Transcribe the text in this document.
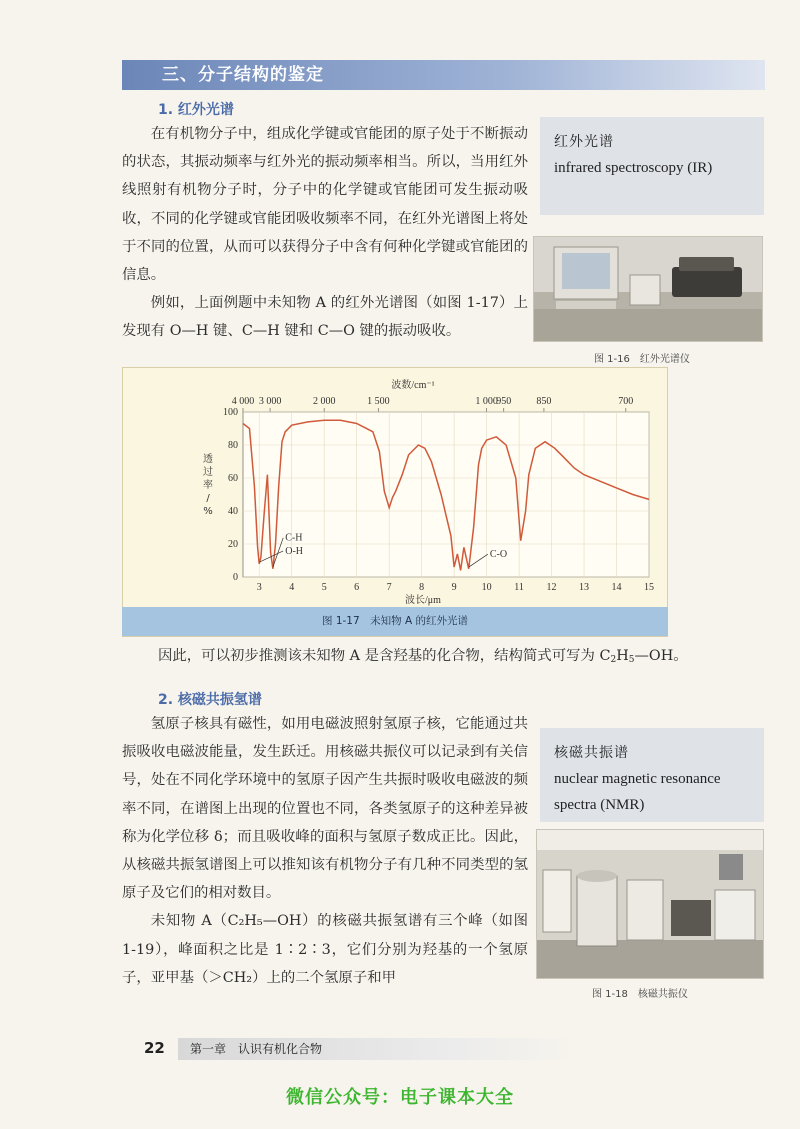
三、分子结构的鉴定
1. 红外光谱

在有机物分子中，组成化学键或官能团的原子处于不断振动的状态，其振动频率与红外光的振动频率相当。所以，当用红外线照射有机物分子时，分子中的化学键或官能团可发生振动吸收，不同的化学键或官能团吸收频率不同，在红外光谱图上将处于不同的位置，从而可以获得分子中含有何种化学键或官能团的信息。

例如，上面例题中未知物 A 的红外光谱图（如图 1-17）上发现有 O—H 键、C—H 键和 C—O 键的振动吸收。

红外光谱
infrared spectroscopy (IR)
图 1-16　红外光谱仪
4 000 3 000	2 000	1 500	1 000
950	850	700
波数/cm⁻¹
3	4	5	6	7	8	9 10 11 12 13 14 15
0
20
40
60
80
100
C-H
O-H	C-O
波长/μm
透过率/ %
图 1-17　未知物 A 的红外光谱
因此，可以初步推测该未知物 A 是含羟基的化合物，结构简式可写为 C2H5—OH。
2. 核磁共振氢谱

氢原子核具有磁性，如用电磁波照射氢原子核，它能通过共振吸收电磁波能量，发生跃迁。用核磁共振仪可以记录到有关信号，处在不同化学环境中的氢原子因产生共振时吸收电磁波的频率不同，在谱图上出现的位置也不同，各类氢原子的这种差异被称为化学位移 δ；而且吸收峰的面积与氢原子数成正比。因此，从核磁共振氢谱图上可以推知该有机物分子有几种不同类型的氢原子及它们的相对数目。

未知物 A（C₂H₅—OH）的核磁共振氢谱有三个峰（如图 1-19），峰面积之比是 1∶2∶3，它们分别为羟基的一个氢原子，亚甲基（＞CH₂）上的二个氢原子和甲

核磁共振谱
nuclear magnetic resonance spectra (NMR)
图 1-18　核磁共振仪
22	第一章　认识有机化合物
微信公众号：电子课本大全
